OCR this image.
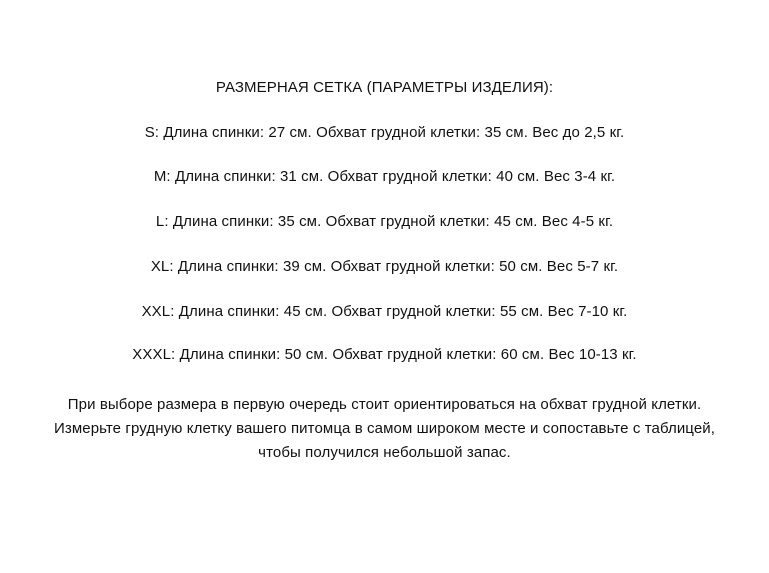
РАЗМЕРНАЯ СЕТКА (ПАРАМЕТРЫ ИЗДЕЛИЯ):
S: Длина спинки: 27 см. Обхват грудной клетки: 35 см. Вес до 2,5 кг.
M: Длина спинки: 31 см. Обхват грудной клетки: 40 см. Вес 3-4 кг.
L: Длина спинки: 35 см. Обхват грудной клетки: 45 см. Вес 4-5 кг.
XL: Длина спинки: 39 см. Обхват грудной клетки: 50 см. Вес 5-7 кг.
XXL: Длина спинки: 45 см. Обхват грудной клетки: 55 см. Вес 7-10 кг.
XXXL: Длина спинки: 50 см. Обхват грудной клетки: 60 см. Вес 10-13 кг.
При выборе размера в первую очередь стоит ориентироваться на обхват грудной клетки.
Измерьте грудную клетку вашего питомца в самом широком месте и сопоставьте с таблицей,
чтобы получился небольшой запас.
